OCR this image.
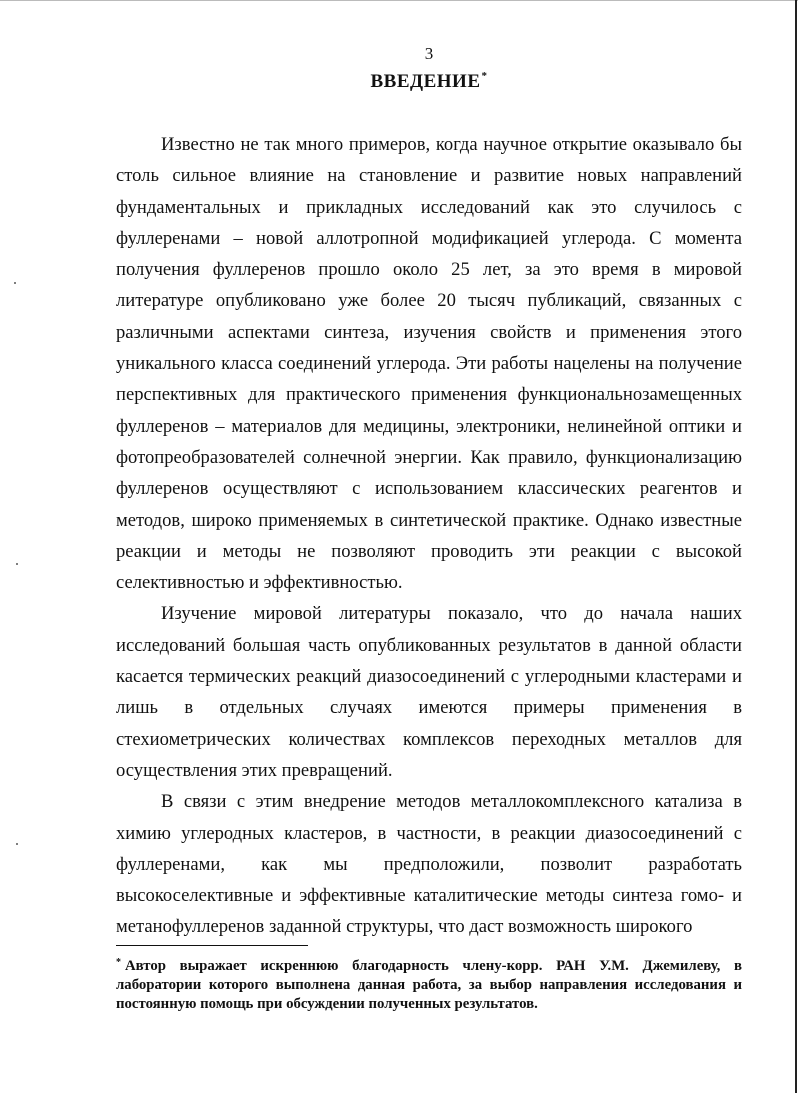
3
ВВЕДЕНИЕ*

Известно не так много примеров, когда научное открытие оказывало бы столь сильное влияние на становление и развитие новых направлений фундаментальных и прикладных исследований как это случилось с фуллеренами – новой аллотропной модификацией углерода. С момента получения фуллеренов прошло около 25 лет, за это время в мировой литературе опубликовано уже более 20 тысяч публикаций, связанных с различными аспектами синтеза, изучения свойств и применения этого уникального класса соединений углерода. Эти работы нацелены на получение перспективных для практического применения функциональнозамещенных фуллеренов – материалов для медицины, электроники, нелинейной оптики и фотопреобразователей солнечной энергии. Как правило, функционализацию фуллеренов осуществляют с использованием классических реагентов и методов, широко применяемых в синтетической практике. Однако известные реакции и методы не позволяют проводить эти реакции с высокой селективностью и эффективностью.

Изучение мировой литературы показало, что до начала наших исследований большая часть опубликованных результатов в данной области касается термических реакций диазосоединений с углеродными кластерами и лишь в отдельных случаях имеются примеры применения в стехиометрических количествах комплексов переходных металлов для осуществления этих превращений.

В связи с этим внедрение методов металлокомплексного катализа в химию углеродных кластеров, в частности, в реакции диазосоединений с фуллеренами, как мы предположили, позволит разработать высокоселективные и эффективные каталитические методы синтеза гомо- и метанофуллеренов заданной структуры, что даст возможность широкого

* Автор выражает искреннюю благодарность члену-корр. РАН У.М. Джемилеву, в лаборатории которого выполнена данная работа, за выбор направления исследования и постоянную помощь при обсуждении полученных результатов.
